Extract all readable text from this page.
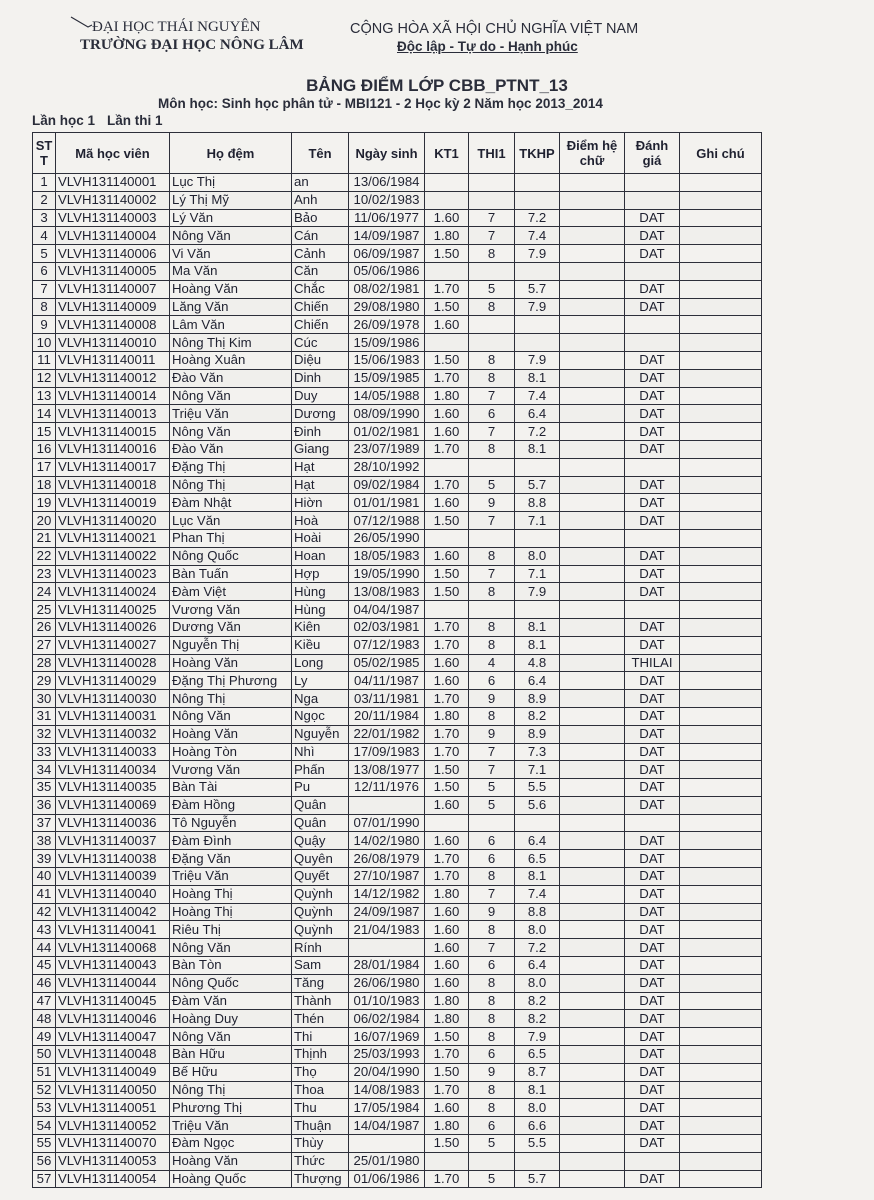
ĐẠI HỌC THÁI NGUYÊN
TRƯỜNG ĐẠI HỌC NÔNG LÂM
CỘNG HÒA XÃ HỘI CHỦ NGHĨA VIỆT NAM
Độc lập - Tự do - Hạnh phúc
BẢNG ĐIỂM LỚP CBB_PTNT_13
Môn học: Sinh học phân tử - MBI121 - 2 Học kỳ 2 Năm học 2013_2014
Lần học 1 Lần thi 1
ST T	Mã học viên	Họ đệm	Tên	Ngày sinh	KT1	THI1	TKHP	Điểm hệ chữ	Đánh giá	Ghi chú
1	VLVH131140001	Lục Thị	an	13/06/1984						
2	VLVH131140002	Lý Thị Mỹ	Anh	10/02/1983						
3	VLVH131140003	Lý Văn	Bảo	11/06/1977	1.60	7	7.2		DAT	
4	VLVH131140004	Nông Văn	Cán	14/09/1987	1.80	7	7.4		DAT	
5	VLVH131140006	Vi Văn	Cảnh	06/09/1987	1.50	8	7.9		DAT	
6	VLVH131140005	Ma Văn	Căn	05/06/1986						
7	VLVH131140007	Hoàng Văn	Chắc	08/02/1981	1.70	5	5.7		DAT	
8	VLVH131140009	Lăng Văn	Chiến	29/08/1980	1.50	8	7.9		DAT	
9	VLVH131140008	Lâm Văn	Chiến	26/09/1978	1.60					
10	VLVH131140010	Nông Thị Kim	Cúc	15/09/1986						
11	VLVH131140011	Hoàng Xuân	Diệu	15/06/1983	1.50	8	7.9		DAT	
12	VLVH131140012	Đào Văn	Dinh	15/09/1985	1.70	8	8.1		DAT	
13	VLVH131140014	Nông Văn	Duy	14/05/1988	1.80	7	7.4		DAT	
14	VLVH131140013	Triệu Văn	Dương	08/09/1990	1.60	6	6.4		DAT	
15	VLVH131140015	Nông Văn	Đinh	01/02/1981	1.60	7	7.2		DAT	
16	VLVH131140016	Đào Văn	Giang	23/07/1989	1.70	8	8.1		DAT	
17	VLVH131140017	Đặng Thị	Hạt	28/10/1992						
18	VLVH131140018	Nông Thị	Hạt	09/02/1984	1.70	5	5.7		DAT	
19	VLVH131140019	Đàm Nhật	Hiờn	01/01/1981	1.60	9	8.8		DAT	
20	VLVH131140020	Lục Văn	Hoà	07/12/1988	1.50	7	7.1		DAT	
21	VLVH131140021	Phan Thị	Hoài	26/05/1990						
22	VLVH131140022	Nông Quốc	Hoan	18/05/1983	1.60	8	8.0		DAT	
23	VLVH131140023	Bàn Tuấn	Hợp	19/05/1990	1.50	7	7.1		DAT	
24	VLVH131140024	Đàm Việt	Hùng	13/08/1983	1.50	8	7.9		DAT	
25	VLVH131140025	Vương Văn	Hùng	04/04/1987						
26	VLVH131140026	Dương Văn	Kiên	02/03/1981	1.70	8	8.1		DAT	
27	VLVH131140027	Nguyễn Thị	Kiều	07/12/1983	1.70	8	8.1		DAT	
28	VLVH131140028	Hoàng Văn	Long	05/02/1985	1.60	4	4.8		THILAI	
29	VLVH131140029	Đặng Thị Phương	Ly	04/11/1987	1.60	6	6.4		DAT	
30	VLVH131140030	Nông Thị	Nga	03/11/1981	1.70	9	8.9		DAT	
31	VLVH131140031	Nông Văn	Ngọc	20/11/1984	1.80	8	8.2		DAT	
32	VLVH131140032	Hoàng Văn	Nguyễn	22/01/1982	1.70	9	8.9		DAT	
33	VLVH131140033	Hoàng Tòn	Nhì	17/09/1983	1.70	7	7.3		DAT	
34	VLVH131140034	Vương Văn	Phấn	13/08/1977	1.50	7	7.1		DAT	
35	VLVH131140035	Bàn Tài	Pu	12/11/1976	1.50	5	5.5		DAT	
36	VLVH131140069	Đàm Hồng	Quân		1.60	5	5.6		DAT	
37	VLVH131140036	Tô Nguyễn	Quân	07/01/1990						
38	VLVH131140037	Đàm Đình	Quậy	14/02/1980	1.60	6	6.4		DAT	
39	VLVH131140038	Đặng Văn	Quyên	26/08/1979	1.70	6	6.5		DAT	
40	VLVH131140039	Triệu Văn	Quyết	27/10/1987	1.70	8	8.1		DAT	
41	VLVH131140040	Hoàng Thị	Quỳnh	14/12/1982	1.80	7	7.4		DAT	
42	VLVH131140042	Hoàng Thị	Quỳnh	24/09/1987	1.60	9	8.8		DAT	
43	VLVH131140041	Riêu Thị	Quỳnh	21/04/1983	1.60	8	8.0		DAT	
44	VLVH131140068	Nông Văn	Rính		1.60	7	7.2		DAT	
45	VLVH131140043	Bàn Tòn	Sam	28/01/1984	1.60	6	6.4		DAT	
46	VLVH131140044	Nông Quốc	Tăng	26/06/1980	1.60	8	8.0		DAT	
47	VLVH131140045	Đàm Văn	Thành	01/10/1983	1.80	8	8.2		DAT	
48	VLVH131140046	Hoàng Duy	Thén	06/02/1984	1.80	8	8.2		DAT	
49	VLVH131140047	Nông Văn	Thi	16/07/1969	1.50	8	7.9		DAT	
50	VLVH131140048	Bàn Hữu	Thịnh	25/03/1993	1.70	6	6.5		DAT	
51	VLVH131140049	Bế Hữu	Thọ	20/04/1990	1.50	9	8.7		DAT	
52	VLVH131140050	Nông Thị	Thoa	14/08/1983	1.70	8	8.1		DAT	
53	VLVH131140051	Phương Thị	Thu	17/05/1984	1.60	8	8.0		DAT	
54	VLVH131140052	Triệu Văn	Thuận	14/04/1987	1.80	6	6.6		DAT	
55	VLVH131140070	Đàm Ngọc	Thùy		1.50	5	5.5		DAT	
56	VLVH131140053	Hoàng Văn	Thức	25/01/1980						
57	VLVH131140054	Hoàng Quốc	Thượng	01/06/1986	1.70	5	5.7		DAT	
